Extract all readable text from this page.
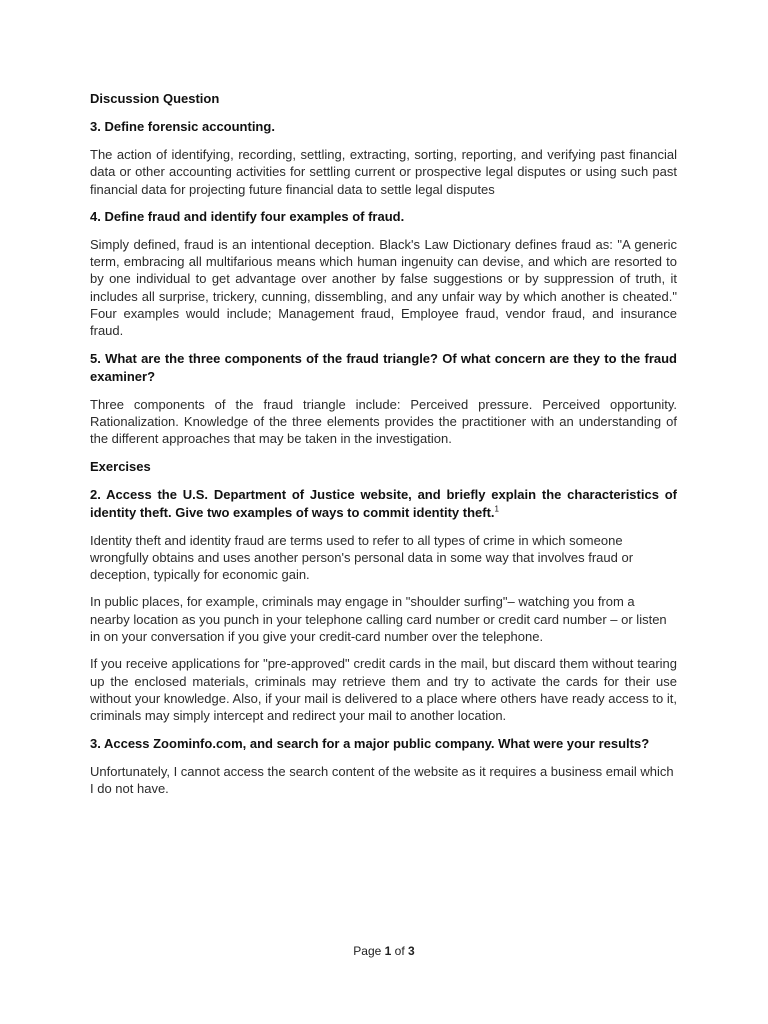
Discussion Question
3. Define forensic accounting.
The action of identifying, recording, settling, extracting, sorting, reporting, and verifying past financial data or other accounting activities for settling current or prospective legal disputes or using such past financial data for projecting future financial data to settle legal disputes
4. Define fraud and identify four examples of fraud.
Simply defined, fraud is an intentional deception. Black's Law Dictionary defines fraud as: "A generic term, embracing all multifarious means which human ingenuity can devise, and which are resorted to by one individual to get advantage over another by false suggestions or by suppression of truth, it includes all surprise, trickery, cunning, dissembling, and any unfair way by which another is cheated." Four examples would include; Management fraud, Employee fraud, vendor fraud, and insurance fraud.
5. What are the three components of the fraud triangle? Of what concern are they to the fraud examiner?
Three components of the fraud triangle include: Perceived pressure. Perceived opportunity. Rationalization. Knowledge of the three elements provides the practitioner with an understanding of the different approaches that may be taken in the investigation.
Exercises
2. Access the U.S. Department of Justice website, and briefly explain the characteristics of identity theft. Give two examples of ways to commit identity theft.$^1$
Identity theft and identity fraud are terms used to refer to all types of crime in which someone wrongfully obtains and uses another person's personal data in some way that involves fraud or deception, typically for economic gain.
In public places, for example, criminals may engage in "shoulder surfing"– watching you from a nearby location as you punch in your telephone calling card number or credit card number – or listen in on your conversation if you give your credit-card number over the telephone.
If you receive applications for "pre-approved" credit cards in the mail, but discard them without tearing up the enclosed materials, criminals may retrieve them and try to activate the cards for their use without your knowledge. Also, if your mail is delivered to a place where others have ready access to it, criminals may simply intercept and redirect your mail to another location.
3. Access Zoominfo.com, and search for a major public company. What were your results?
Unfortunately, I cannot access the search content of the website as it requires a business email which I do not have.
Page 1 of 3
